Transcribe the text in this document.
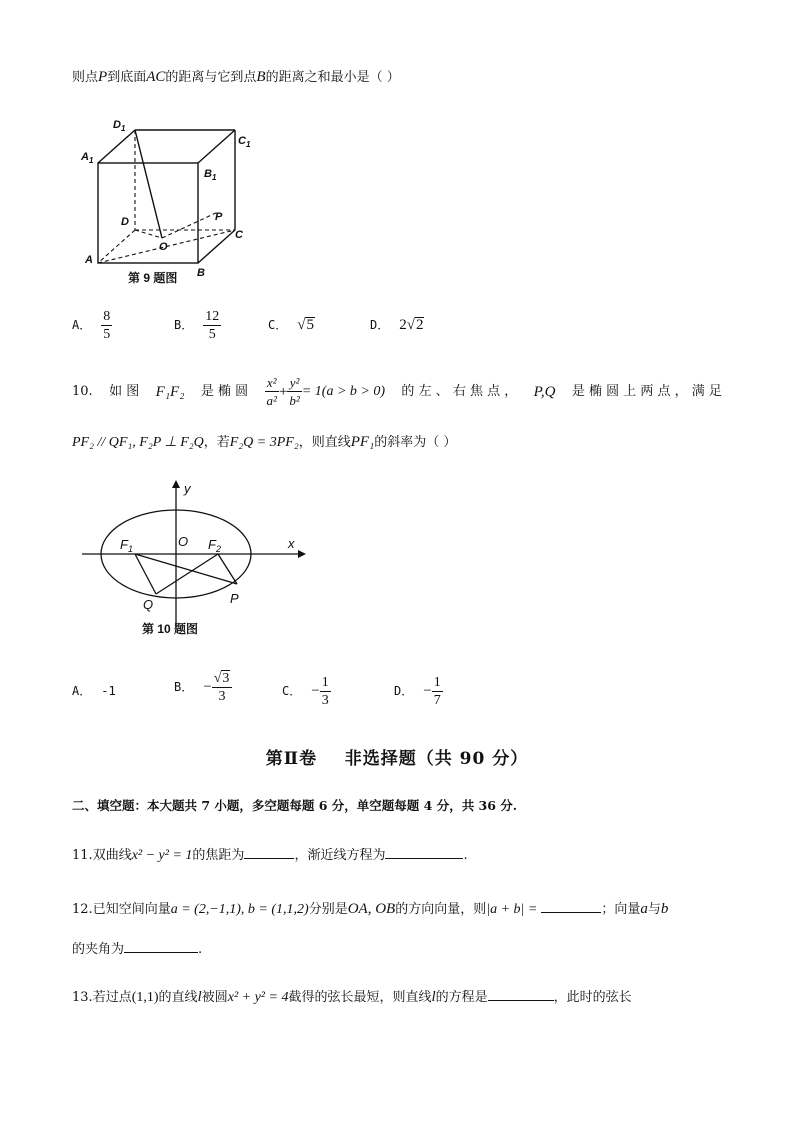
则点P到底面AC的距离与它到点B的距离之和最小是（ ）
$D_1$
$C_1$
$A_1$
$B_1$
D	P
C
O
A
B
第 9 题图
A． $\frac{8}{5}$	B． $\frac{12}{5}$	C． √5	D． 2√2
10. 如 图 F₁F₂ 是 椭 圆 $\frac{\text{x²}}{\text{a²}} + \frac{\text{y²}}{\text{b²}} = 1(a > b > 0)$ 的 左 、 右 焦 点 ， P,Q 是 椭 圆 上 两 点 ， 满 足
PF₂ // QF₁, F₂P ⊥ F₂Q，若F₂Q = 3PF₂，则直线PF₁的斜率为（ ）
y
x
O
$F_1$	$F_2$
Q	P
第 10 题图
A． -1	B． − $\frac{√3}{3}$	C． − $\frac{1}{3}$	D． − $\frac{1}{7}$
第Ⅱ卷    非选择题（共 90 分）
二、填空题：本大题共 7 小题，多空题每题 6 分，单空题每题 4 分，共 36 分.
11.双曲线x² − y² = 1的焦距为	，渐近线方程为	.
12.已知空间向量a = (2,−1,1), b = (1,1,2)分别是OA, OB的方向向量，则|a + b| =	；向量a与b
的夹角为	.
13.若过点(1,1)的直线l被圆x² + y² = 4截得的弦长最短，则直线l的方程是	，此时的弦长
